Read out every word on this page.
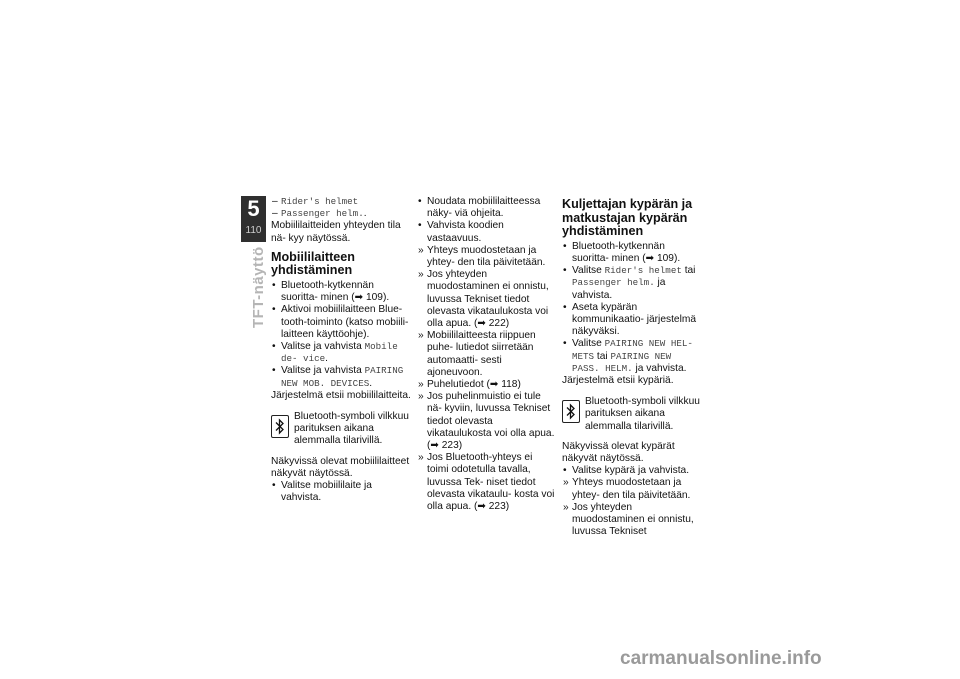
5
110
TFT-näyttö
– Rider's helmet
– Passenger helm..

Mobiililaitteiden yhteyden tila nä- kyy näytössä.

Mobiililaitteen yhdistäminen
• Bluetooth-kytkennän suoritta- minen (➡ 109).
• Aktivoi mobiililaitteen Blue- tooth-toiminto (katso mobiili- laitteen käyttöohje).
• Valitse ja vahvista Mobile de- vice.
• Valitse ja vahvista PAIRING NEW MOB. DEVICES.

Järjestelmä etsii mobiililaitteita.

Bluetooth-symboli vilkkuu parituksen aikana alemmalla tilarivillä.

Näkyvissä olevat mobiililaitteet näkyvät näytössä.

• Valitse mobiililaite ja vahvista.
• Noudata mobiililaitteessa näky- viä ohjeita.
• Vahvista koodien vastaavuus.
» Yhteys muodostetaan ja yhtey- den tila päivitetään.
» Jos yhteyden muodostaminen ei onnistu, luvussa Tekniset tiedot olevasta vikataulukosta voi olla apua. (➡ 222)
» Mobiililaitteesta riippuen puhe- lutiedot siirretään automaatti- sesti ajoneuvoon.
» Puhelutiedot (➡ 118)
» Jos puhelinmuistio ei tule nä- kyviin, luvussa Tekniset tiedot olevasta vikataulukosta voi olla apua. (➡ 223)
» Jos Bluetooth-yhteys ei toimi odotetulla tavalla, luvussa Tek- niset tiedot olevasta vikataulu- kosta voi olla apua. (➡ 223)
Kuljettajan kypärän ja matkustajan kypärän yhdistäminen
• Bluetooth-kytkennän suoritta- minen (➡ 109).
• Valitse Rider's helmet tai Passenger helm. ja vahvista.
• Aseta kypärän kommunikaatio- järjestelmä näkyväksi.
• Valitse PAIRING NEW HEL- METS tai PAIRING NEW PASS. HELM. ja vahvista.

Järjestelmä etsii kypäriä.

Bluetooth-symboli vilkkuu parituksen aikana alemmalla tilarivillä.

Näkyvissä olevat kypärät näkyvät näytössä.

• Valitse kypärä ja vahvista.
» Yhteys muodostetaan ja yhtey- den tila päivitetään.
» Jos yhteyden muodostaminen ei onnistu, luvussa Tekniset
carmanualsonline.info
